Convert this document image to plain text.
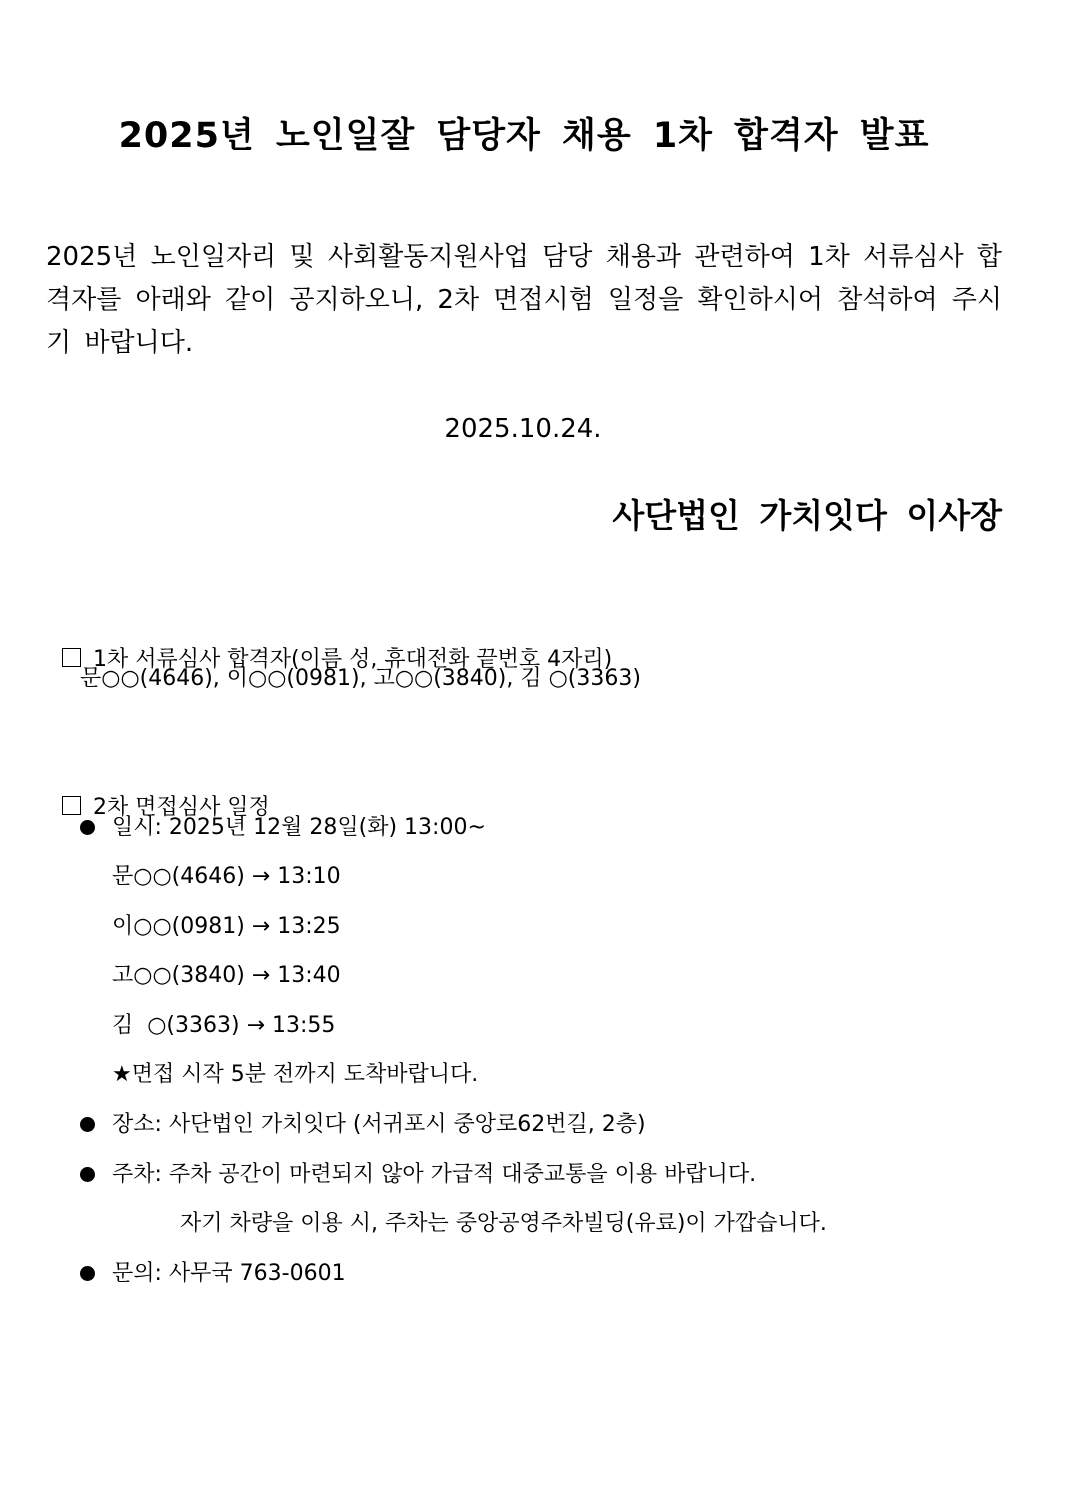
2025년 노인일잘 담당자 채용 1차 합격자 발표
2025년 노인일자리 및 사회활동지원사업 담당 채용과 관련하여 1차 서류심사 합격자를 아래와 같이 공지하오니, 2차 면접시험 일정을 확인하시어 참석하여 주시기 바랍니다.
2025.10.24.
사단법인 가치잇다 이사장

1차 서류심사 합격자(이름 성, 휴대전화 끝번호 4자리)

문○○(4646), 이○○(0981), 고○○(3840), 김 ○(3363)

2차 면접심사 일정

일시: 2025년 12월 28일(화) 13:00~
문○○(4646) → 13:10
이○○(0981) → 13:25
고○○(3840) → 13:40
김  ○(3363) → 13:55
★면접 시작 5분 전까지 도착바랍니다.
장소: 사단법인 가치잇다 (서귀포시 중앙로62번길, 2층)
주차: 주차 공간이 마련되지 않아 가급적 대중교통을 이용 바랍니다.
자기 차량을 이용 시, 주차는 중앙공영주차빌딩(유료)이 가깝습니다.
문의: 사무국 763-0601
